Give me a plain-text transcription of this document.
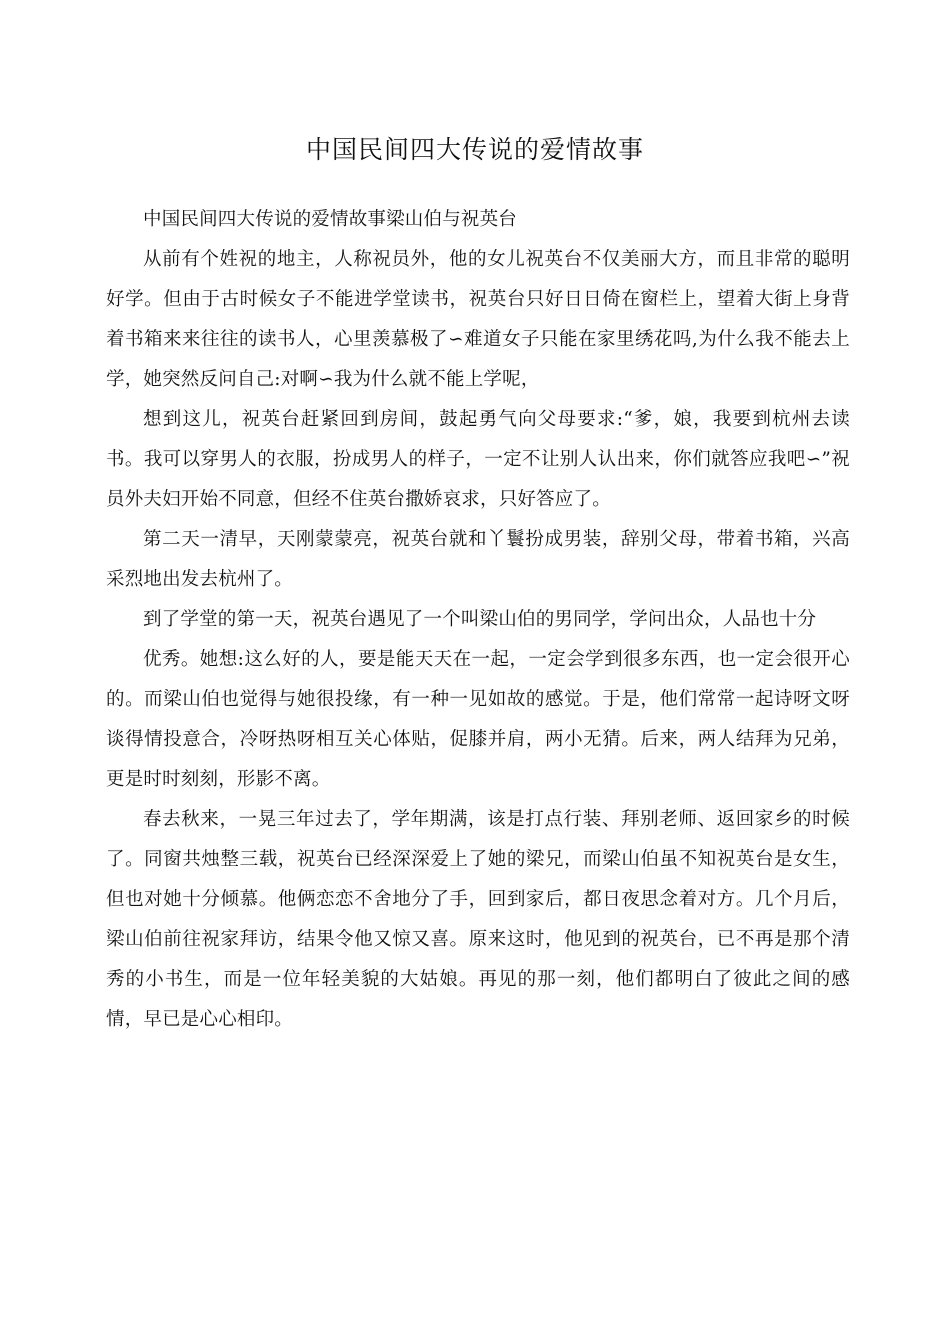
中国民间四大传说的爱情故事

中国民间四大传说的爱情故事梁山伯与祝英台

从前有个姓祝的地主，人称祝员外，他的女儿祝英台不仅美丽大方，而且非常的聪明好学。但由于古时候女子不能进学堂读书，祝英台只好日日倚在窗栏上，望着大街上身背着书箱来来往往的读书人，心里羡慕极了∽难道女子只能在家里绣花吗,为什么我不能去上学，她突然反问自己:对啊∽我为什么就不能上学呢，

想到这儿，祝英台赶紧回到房间，鼓起勇气向父母要求:“爹，娘，我要到杭州去读书。我可以穿男人的衣服，扮成男人的样子，一定不让别人认出来，你们就答应我吧∽”祝员外夫妇开始不同意，但经不住英台撒娇哀求，只好答应了。

第二天一清早，天刚蒙蒙亮，祝英台就和丫鬟扮成男装，辞别父母，带着书箱，兴高采烈地出发去杭州了。

到了学堂的第一天，祝英台遇见了一个叫梁山伯的男同学，学问出众，人品也十分

优秀。她想:这么好的人，要是能天天在一起，一定会学到很多东西，也一定会很开心的。而梁山伯也觉得与她很投缘，有一种一见如故的感觉。于是，他们常常一起诗呀文呀谈得情投意合，冷呀热呀相互关心体贴，促膝并肩，两小无猜。后来，两人结拜为兄弟，更是时时刻刻，形影不离。

春去秋来，一晃三年过去了，学年期满，该是打点行装、拜别老师、返回家乡的时候了。同窗共烛整三载，祝英台已经深深爱上了她的梁兄，而梁山伯虽不知祝英台是女生，但也对她十分倾慕。他俩恋恋不舍地分了手，回到家后，都日夜思念着对方。几个月后，梁山伯前往祝家拜访，结果令他又惊又喜。原来这时，他见到的祝英台，已不再是那个清秀的小书生，而是一位年轻美貌的大姑娘。再见的那一刻，他们都明白了彼此之间的感情，早已是心心相印。
